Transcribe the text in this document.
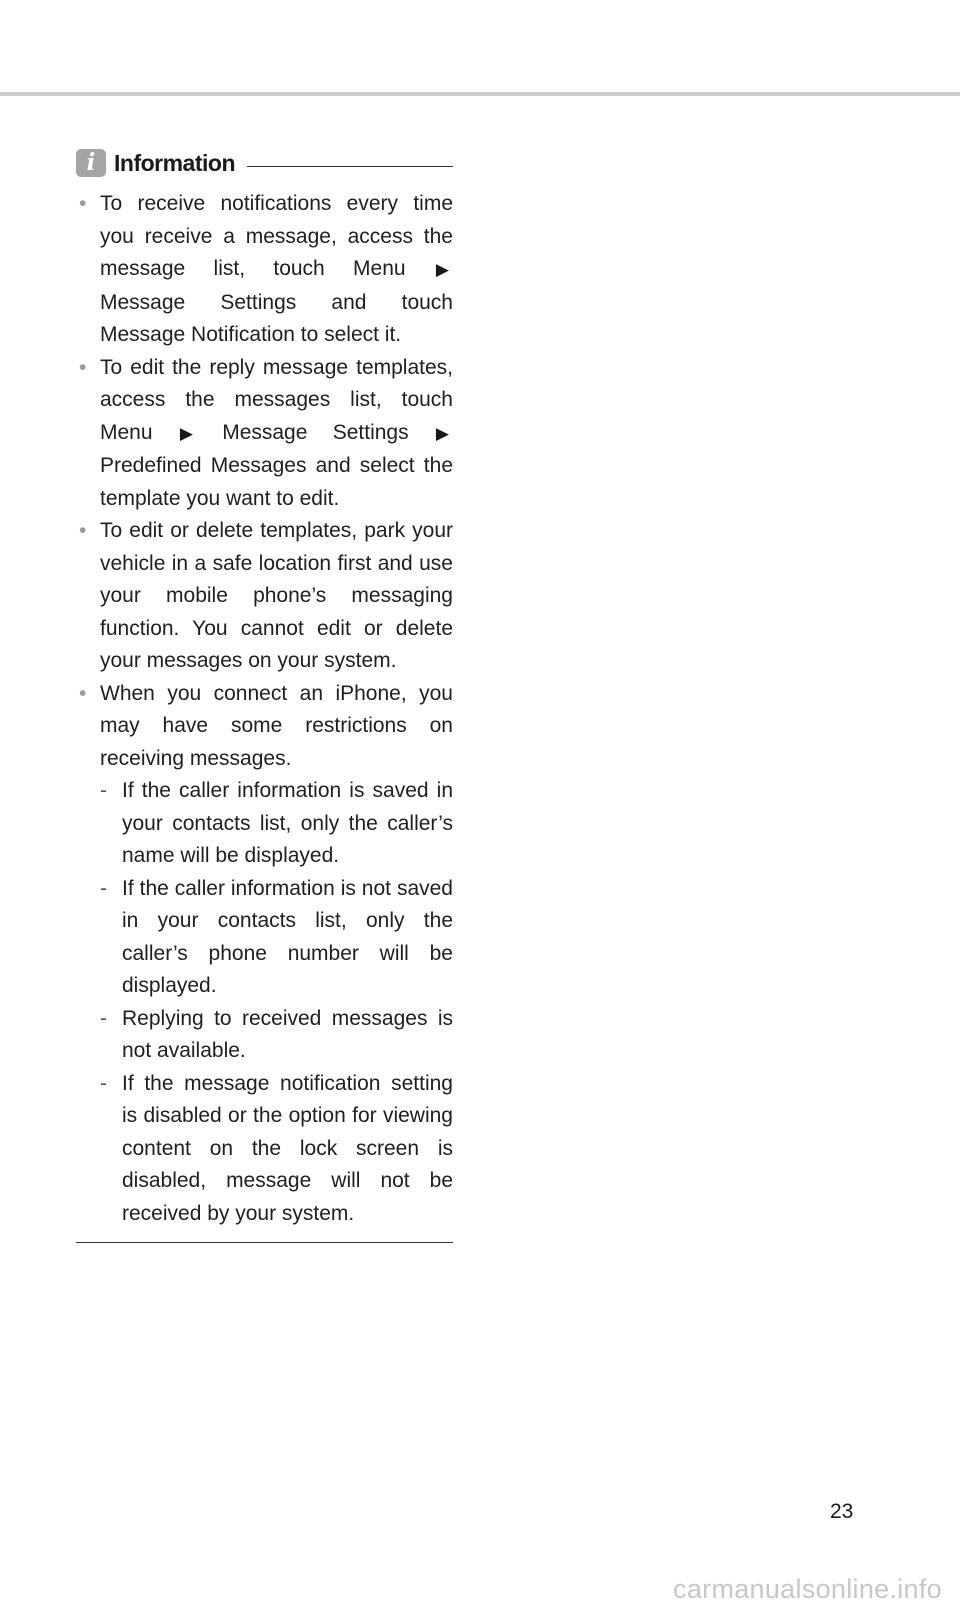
i Information
• To receive notifications every time you receive a message, access the message list, touch Menu ▶ Message Settings and touch Message Notification to select it.
• To edit the reply message templates, access the messages list, touch Menu ▶ Message Settings ▶ Predefined Messages and select the template you want to edit.
• To edit or delete templates, park your vehicle in a safe location first and use your mobile phone’s messaging function. You cannot edit or delete your messages on your system.
• When you connect an iPhone, you may have some restrictions on receiving messages.
- If the caller information is saved in your contacts list, only the caller’s name will be displayed.
- If the caller information is not saved in your contacts list, only the caller’s phone number will be displayed.
- Replying to received messages is not available.
- If the message notification setting is disabled or the option for viewing content on the lock screen is disabled, message will not be received by your system.
23
carmanualsonline.info
